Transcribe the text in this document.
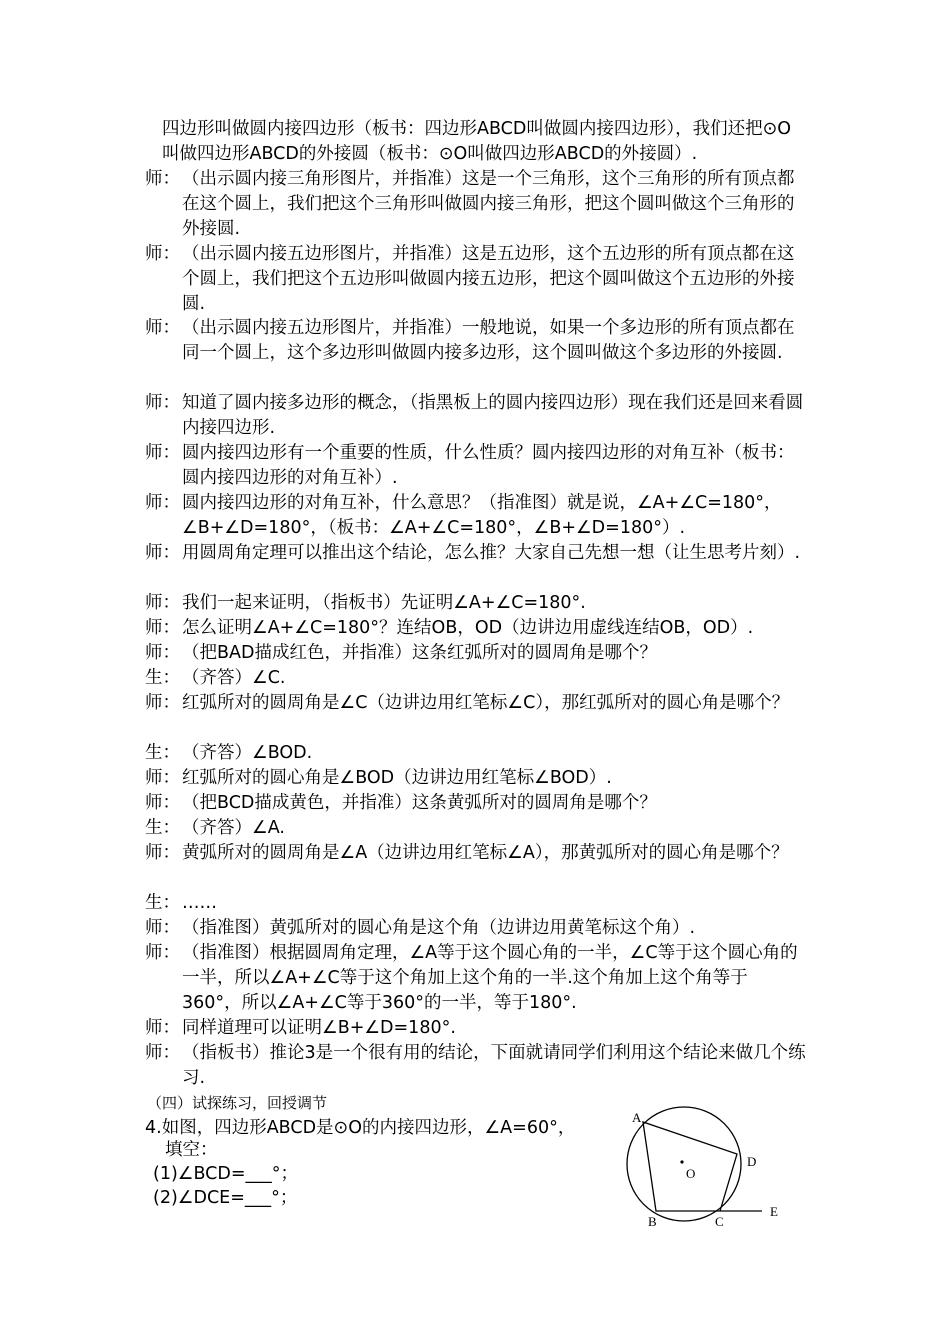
四边形叫做圆内接四边形（板书：四边形ABCD叫做圆内接四边形），我们还把⊙O叫做四边形ABCD的外接圆（板书：⊙O叫做四边形ABCD的外接圆）.
师： （出示圆内接三角形图片，并指准）这是一个三角形，这个三角形的所有顶点都在这个圆上，我们把这个三角形叫做圆内接三角形，把这个圆叫做这个三角形的外接圆.
师： （出示圆内接五边形图片，并指准）这是五边形，这个五边形的所有顶点都在这个圆上，我们把这个五边形叫做圆内接五边形，把这个圆叫做这个五边形的外接圆.
师： （出示圆内接五边形图片，并指准）一般地说，如果一个多边形的所有顶点都在同一个圆上，这个多边形叫做圆内接多边形，这个圆叫做这个多边形的外接圆.
师： 知道了圆内接多边形的概念，（指黑板上的圆内接四边形）现在我们还是回来看圆内接四边形.
师： 圆内接四边形有一个重要的性质，什么性质？圆内接四边形的对角互补（板书：圆内接四边形的对角互补）.
师： 圆内接四边形的对角互补，什么意思？（指准图）就是说，∠A+∠C=180°，∠B+∠D=180°，（板书：∠A+∠C=180°，∠B+∠D=180°）.
师： 用圆周角定理可以推出这个结论，怎么推？大家自己先想一想（让生思考片刻）.
师： 我们一起来证明，（指板书）先证明∠A+∠C=180°.
师： 怎么证明∠A+∠C=180°？连结OB，OD（边讲边用虚线连结OB，OD）.
师： （把BAD描成红色，并指准）这条红弧所对的圆周角是哪个？
生： （齐答）∠C.
师： 红弧所对的圆周角是∠C（边讲边用红笔标∠C），那红弧所对的圆心角是哪个？
生： （齐答）∠BOD.
师： 红弧所对的圆心角是∠BOD（边讲边用红笔标∠BOD）.
师： （把BCD描成黄色，并指准）这条黄弧所对的圆周角是哪个？
生： （齐答）∠A.
师： 黄弧所对的圆周角是∠A（边讲边用红笔标∠A），那黄弧所对的圆心角是哪个？
生： ……
师： （指准图）黄弧所对的圆心角是这个角（边讲边用黄笔标这个角）.
师： （指准图）根据圆周角定理，∠A等于这个圆心角的一半，∠C等于这个圆心角的一半，所以∠A+∠C等于这个角加上这个角的一半.这个角加上这个角等于360°，所以∠A+∠C等于360°的一半，等于180°.
师： 同样道理可以证明∠B+∠D=180°.
师： （指板书）推论3是一个很有用的结论，下面就请同学们利用这个结论来做几个练习.
（四）试探练习，回授调节
4.如图，四边形ABCD是⊙O的内接四边形，∠A=60°，
填空：
(1)∠BCD=___°；
(2)∠DCE=___°；
A
B	C
D
E
O
